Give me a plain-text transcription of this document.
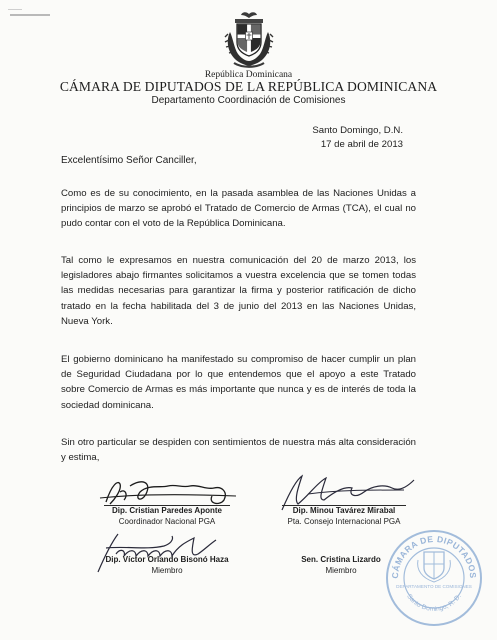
República Dominicana
CÁMARA DE DIPUTADOS DE LA REPÚBLICA DOMINICANA
Departamento Coordinación de Comisiones
Santo Domingo, D.N.
17 de abril de 2013
Excelentísimo Señor Canciller,
Como es de su conocimiento, en la pasada asamblea de las Naciones Unidas a principios de marzo se aprobó el Tratado de Comercio de Armas (TCA), el cual no pudo contar con el voto de la República Dominicana.
Tal como le expresamos en nuestra comunicación del 20 de marzo 2013, los legisladores abajo firmantes solicitamos a vuestra excelencia que se tomen todas las medidas necesarias para garantizar la firma y posterior ratificación de dicho tratado en la fecha habilitada del 3 de junio del 2013 en las Naciones Unidas, Nueva York.
El gobierno dominicano ha manifestado su compromiso de hacer cumplir un plan de Seguridad Ciudadana por lo que entendemos que el apoyo a este Tratado sobre Comercio de Armas es más importante que nunca y es de interés de toda la sociedad dominicana.
Sin otro particular se despiden con sentimientos de nuestra más alta consideración y estima,
Dip. Cristian Paredes Aponte
Coordinador Nacional PGA
Dip. Minou Tavárez Mirabal
Pta. Consejo Internacional PGA
Dip. Víctor Orlando Bisonó Haza
Miembro
Sen. Cristina Lizardo
Miembro
CÁMARA DE DIPUTADOS
Santo Domingo, R. D.
DEPARTAMENTO DE COMISIONES
